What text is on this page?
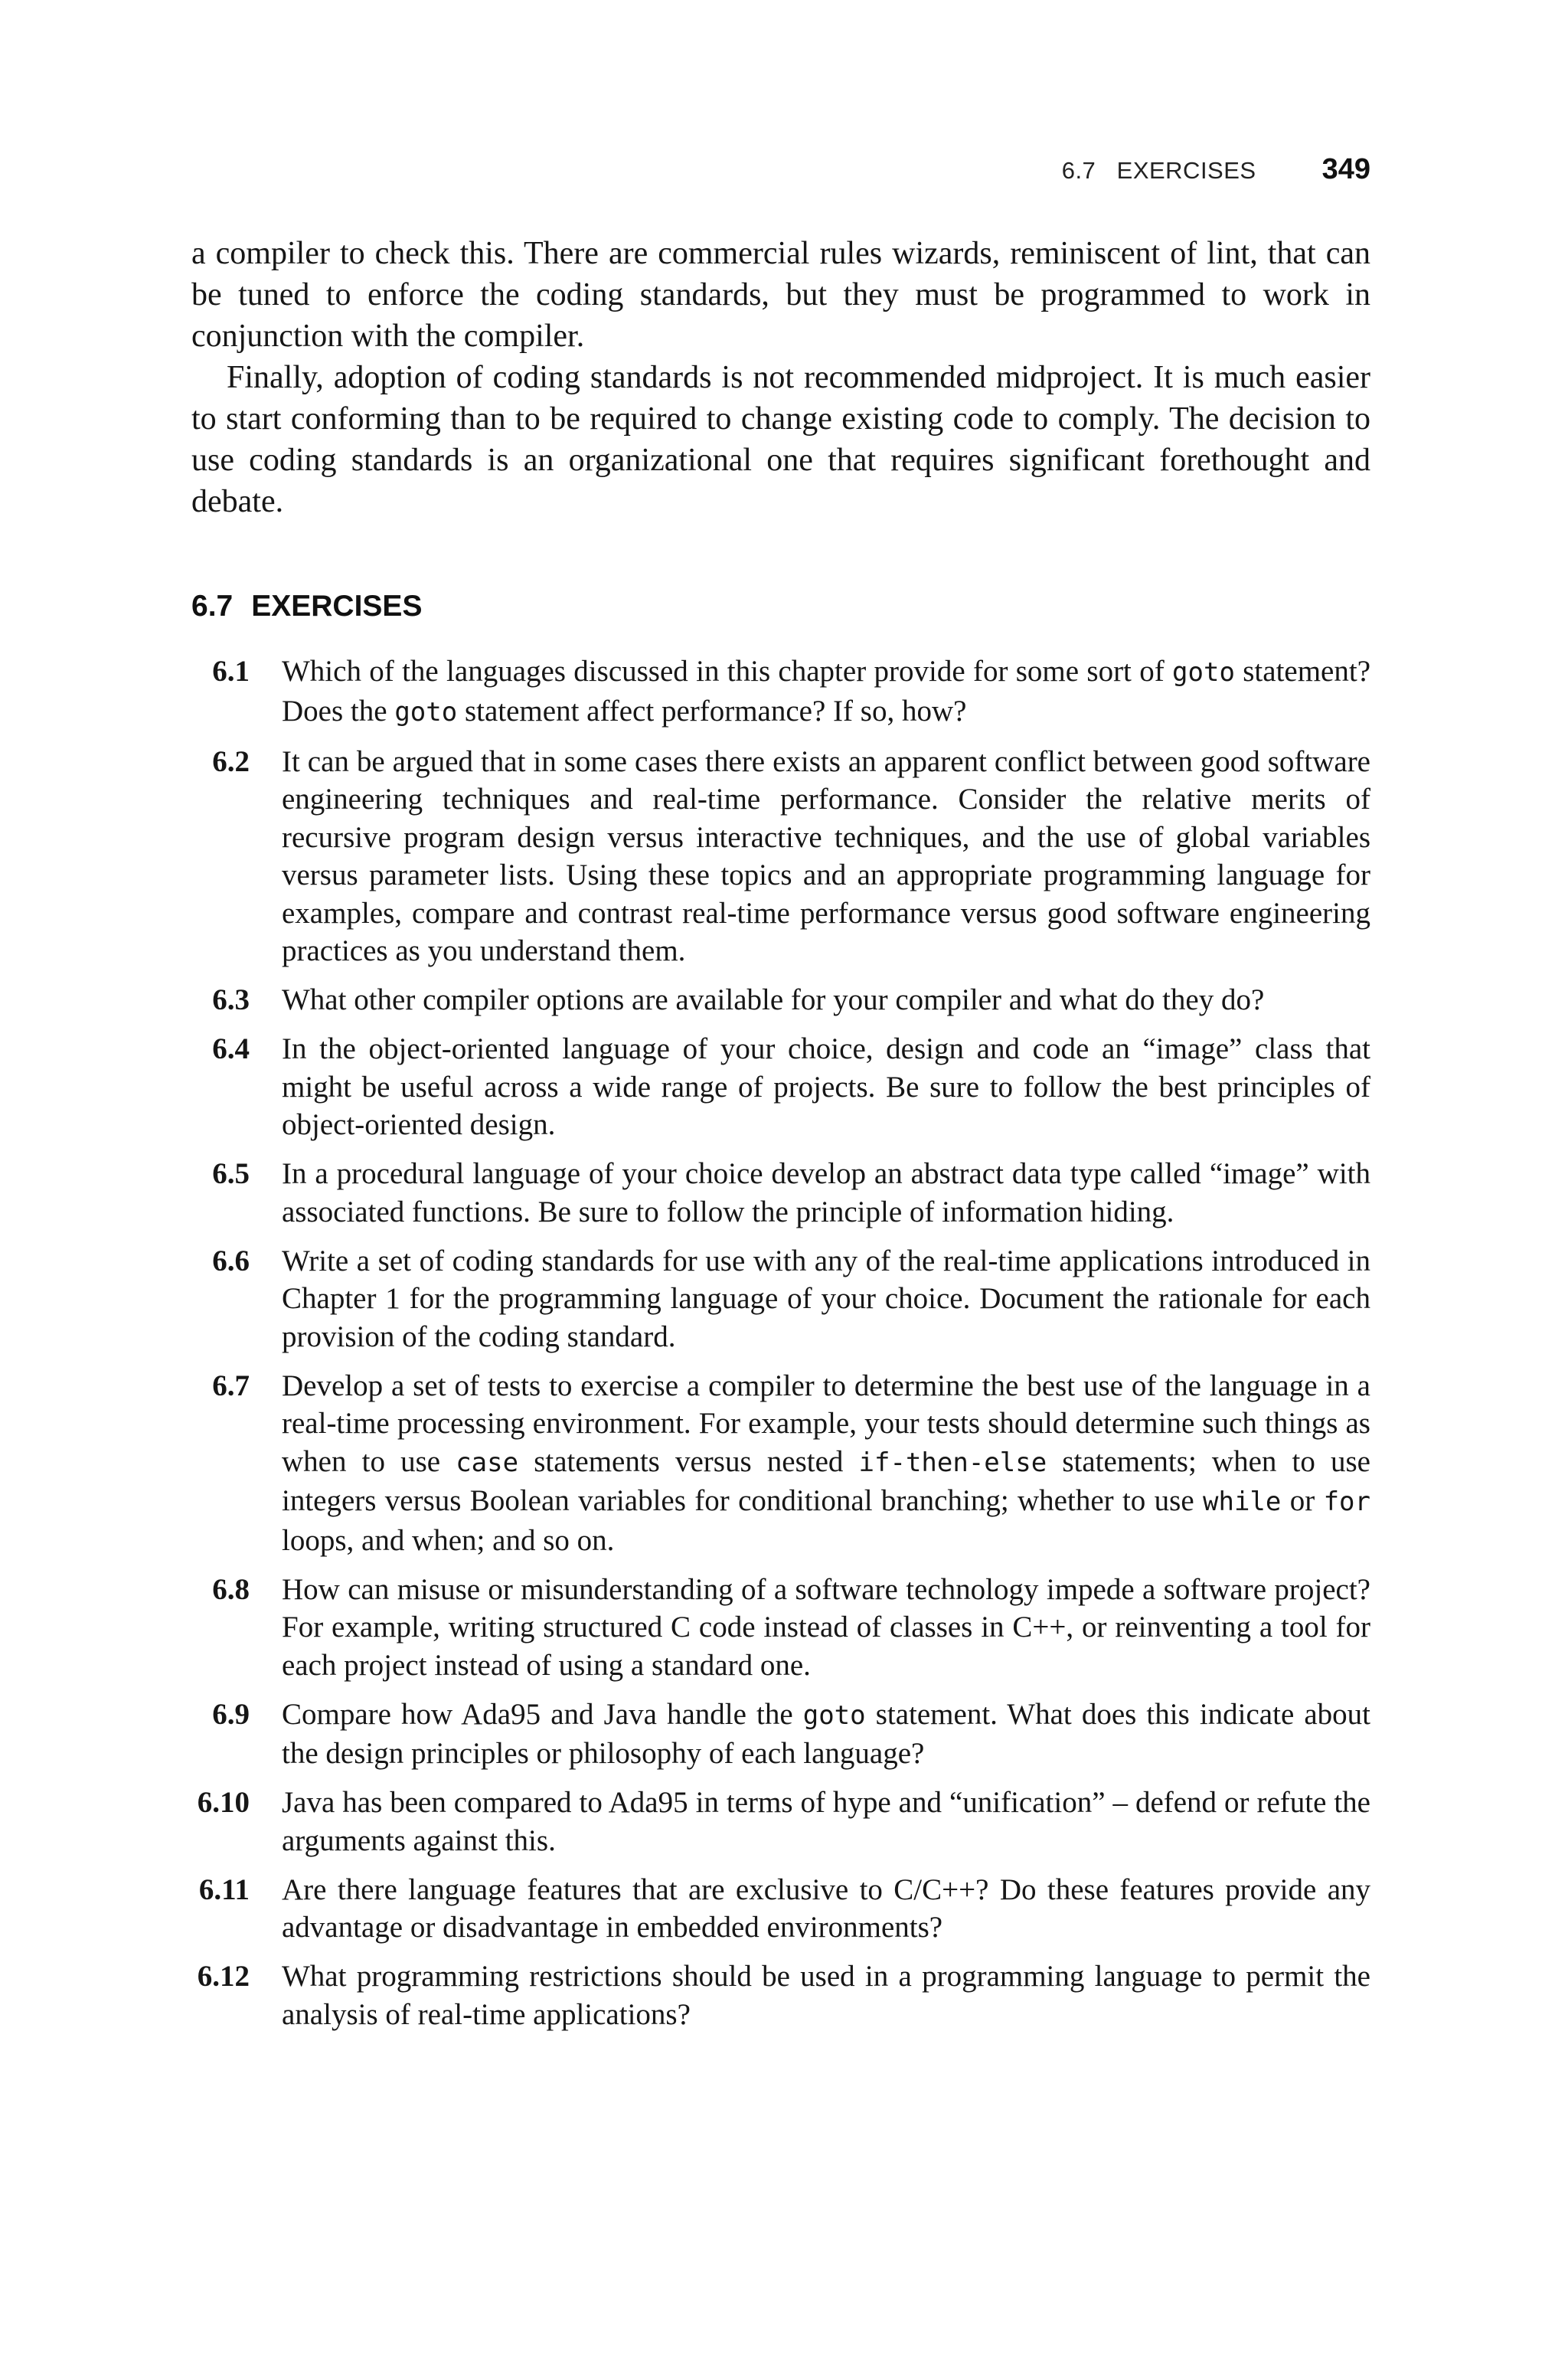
6.7   EXERCISES 349

a compiler to check this. There are commercial rules wizards, reminiscent of lint, that can be tuned to enforce the coding standards, but they must be programmed to work in conjunction with the compiler.

Finally, adoption of coding standards is not recommended midproject. It is much easier to start conforming than to be required to change existing code to comply. The decision to use coding standards is an organizational one that requires significant forethought and debate.

6.7 EXERCISES
6.1 Which of the languages discussed in this chapter provide for some sort of goto statement? Does the goto statement affect performance? If so, how?
6.2 It can be argued that in some cases there exists an apparent conflict between good software engineering techniques and real-time performance. Consider the relative merits of recursive program design versus interactive techniques, and the use of global variables versus parameter lists. Using these topics and an appropriate programming language for examples, compare and contrast real-time performance versus good software engineering practices as you understand them.
6.3 What other compiler options are available for your compiler and what do they do?
6.4 In the object-oriented language of your choice, design and code an “image” class that might be useful across a wide range of projects. Be sure to follow the best principles of object-oriented design.
6.5 In a procedural language of your choice develop an abstract data type called “image” with associated functions. Be sure to follow the principle of information hiding.
6.6 Write a set of coding standards for use with any of the real-time applications introduced in Chapter 1 for the programming language of your choice. Document the rationale for each provision of the coding standard.
6.7 Develop a set of tests to exercise a compiler to determine the best use of the language in a real-time processing environment. For example, your tests should determine such things as when to use case statements versus nested if-then-else statements; when to use integers versus Boolean variables for conditional branching; whether to use while or for loops, and when; and so on.
6.8 How can misuse or misunderstanding of a software technology impede a software project? For example, writing structured C code instead of classes in C++, or reinventing a tool for each project instead of using a standard one.
6.9 Compare how Ada95 and Java handle the goto statement. What does this indicate about the design principles or philosophy of each language?
6.10 Java has been compared to Ada95 in terms of hype and “unification” – defend or refute the arguments against this.
6.11 Are there language features that are exclusive to C/C++? Do these features provide any advantage or disadvantage in embedded environments?
6.12 What programming restrictions should be used in a programming language to permit the analysis of real-time applications?
